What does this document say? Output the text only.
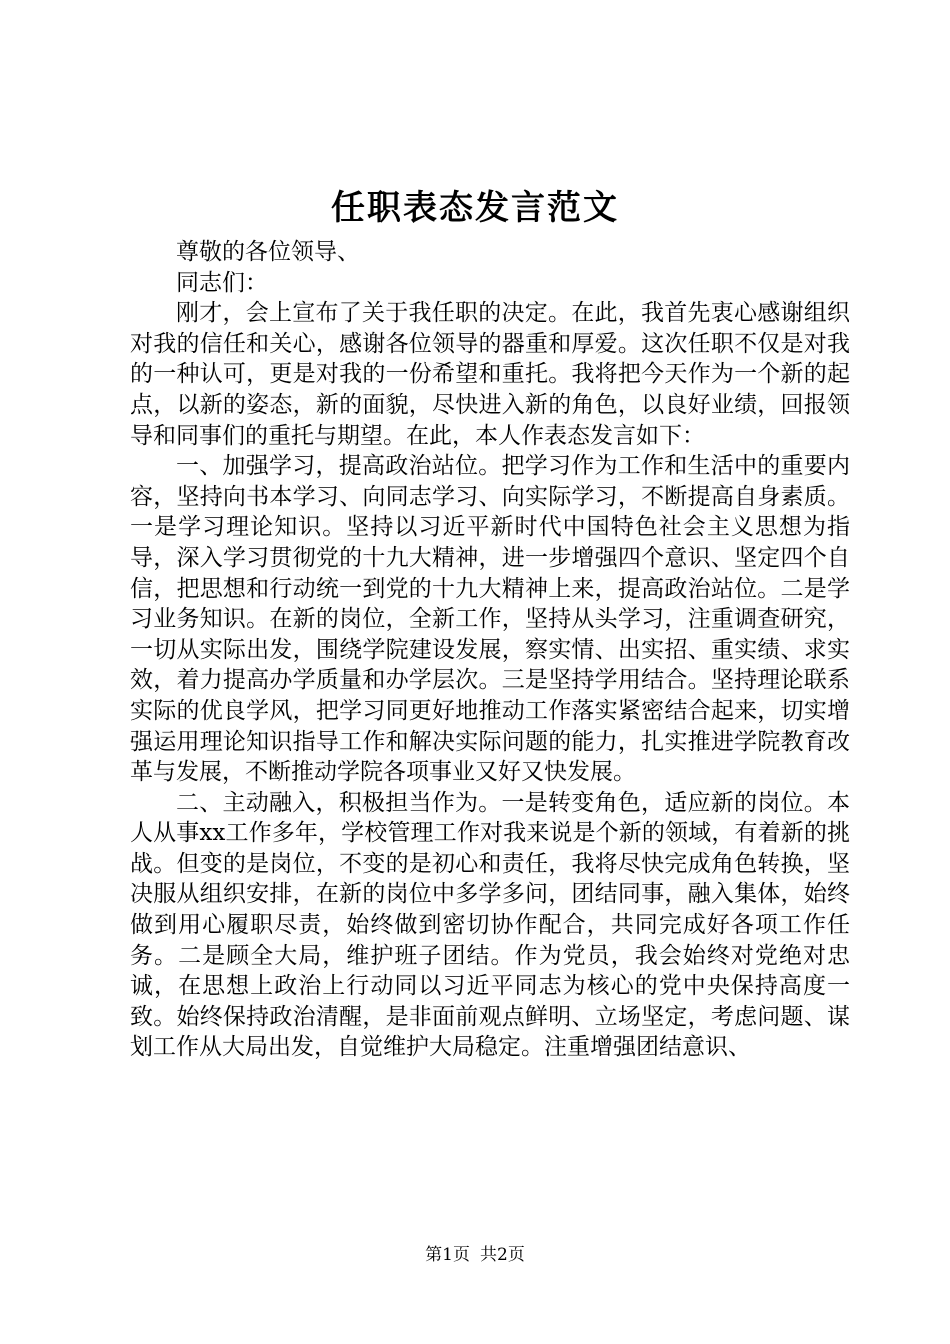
任职表态发言范文

尊敬的各位领导、

同志们：

刚才，会上宣布了关于我任职的决定。在此，我首先衷心感谢组织对我的信任和关心，感谢各位领导的器重和厚爱。这次任职不仅是对我的一种认可，更是对我的一份希望和重托。我将把今天作为一个新的起点，以新的姿态，新的面貌，尽快进入新的角色，以良好业绩，回报领导和同事们的重托与期望。在此，本人作表态发言如下：

一、加强学习，提高政治站位。把学习作为工作和生活中的重要内容，坚持向书本学习、向同志学习、向实际学习，不断提高自身素质。一是学习理论知识。坚持以习近平新时代中国特色社会主义思想为指导，深入学习贯彻党的十九大精神，进一步增强四个意识、坚定四个自信，把思想和行动统一到党的十九大精神上来，提高政治站位。二是学习业务知识。在新的岗位，全新工作，坚持从头学习，注重调查研究，一切从实际出发，围绕学院建设发展，察实情、出实招、重实绩、求实效，着力提高办学质量和办学层次。三是坚持学用结合。坚持理论联系实际的优良学风，把学习同更好地推动工作落实紧密结合起来，切实增强运用理论知识指导工作和解决实际问题的能力，扎实推进学院教育改革与发展，不断推动学院各项事业又好又快发展。

二、主动融入，积极担当作为。一是转变角色，适应新的岗位。本人从事xx工作多年，学校管理工作对我来说是个新的领域，有着新的挑战。但变的是岗位，不变的是初心和责任，我将尽快完成角色转换，坚决服从组织安排，在新的岗位中多学多问，团结同事，融入集体，始终做到用心履职尽责，始终做到密切协作配合，共同完成好各项工作任务。二是顾全大局，维护班子团结。作为党员，我会始终对党绝对忠诚，在思想上政治上行动同以习近平同志为核心的党中央保持高度一致。始终保持政治清醒，是非面前观点鲜明、立场坚定，考虑问题、谋划工作从大局出发，自觉维护大局稳定。注重增强团结意识、

第1页 共2页
